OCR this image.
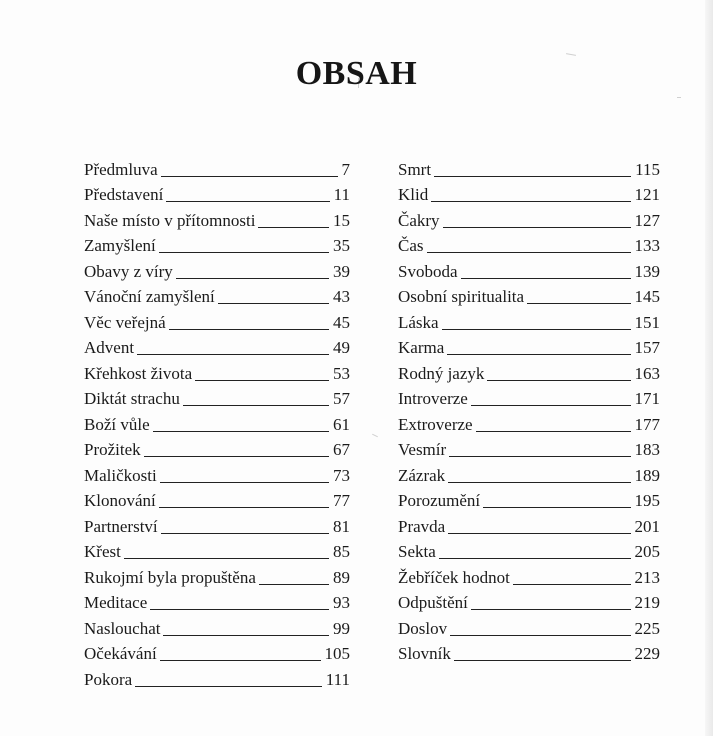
OBSAH
Předmluva	7
Představení	11
Naše místo v přítomnosti	15
Zamyšlení	35
Obavy z víry	39
Vánoční zamyšlení	43
Věc veřejná	45
Advent	49
Křehkost života	53
Diktát strachu	57
Boží vůle	61
Prožitek	67
Maličkosti	73
Klonování	77
Partnerství	81
Křest	85
Rukojmí byla propuštěna	89
Meditace	93
Naslouchat	99
Očekávání	105
Pokora	111
Smrt	115
Klid	121
Čakry	127
Čas	133
Svoboda	139
Osobní spiritualita	145
Láska	151
Karma	157
Rodný jazyk	163
Introverze	171
Extroverze	177
Vesmír	183
Zázrak	189
Porozumění	195
Pravda	201
Sekta	205
Žebříček hodnot	213
Odpuštění	219
Doslov	225
Slovník	229
